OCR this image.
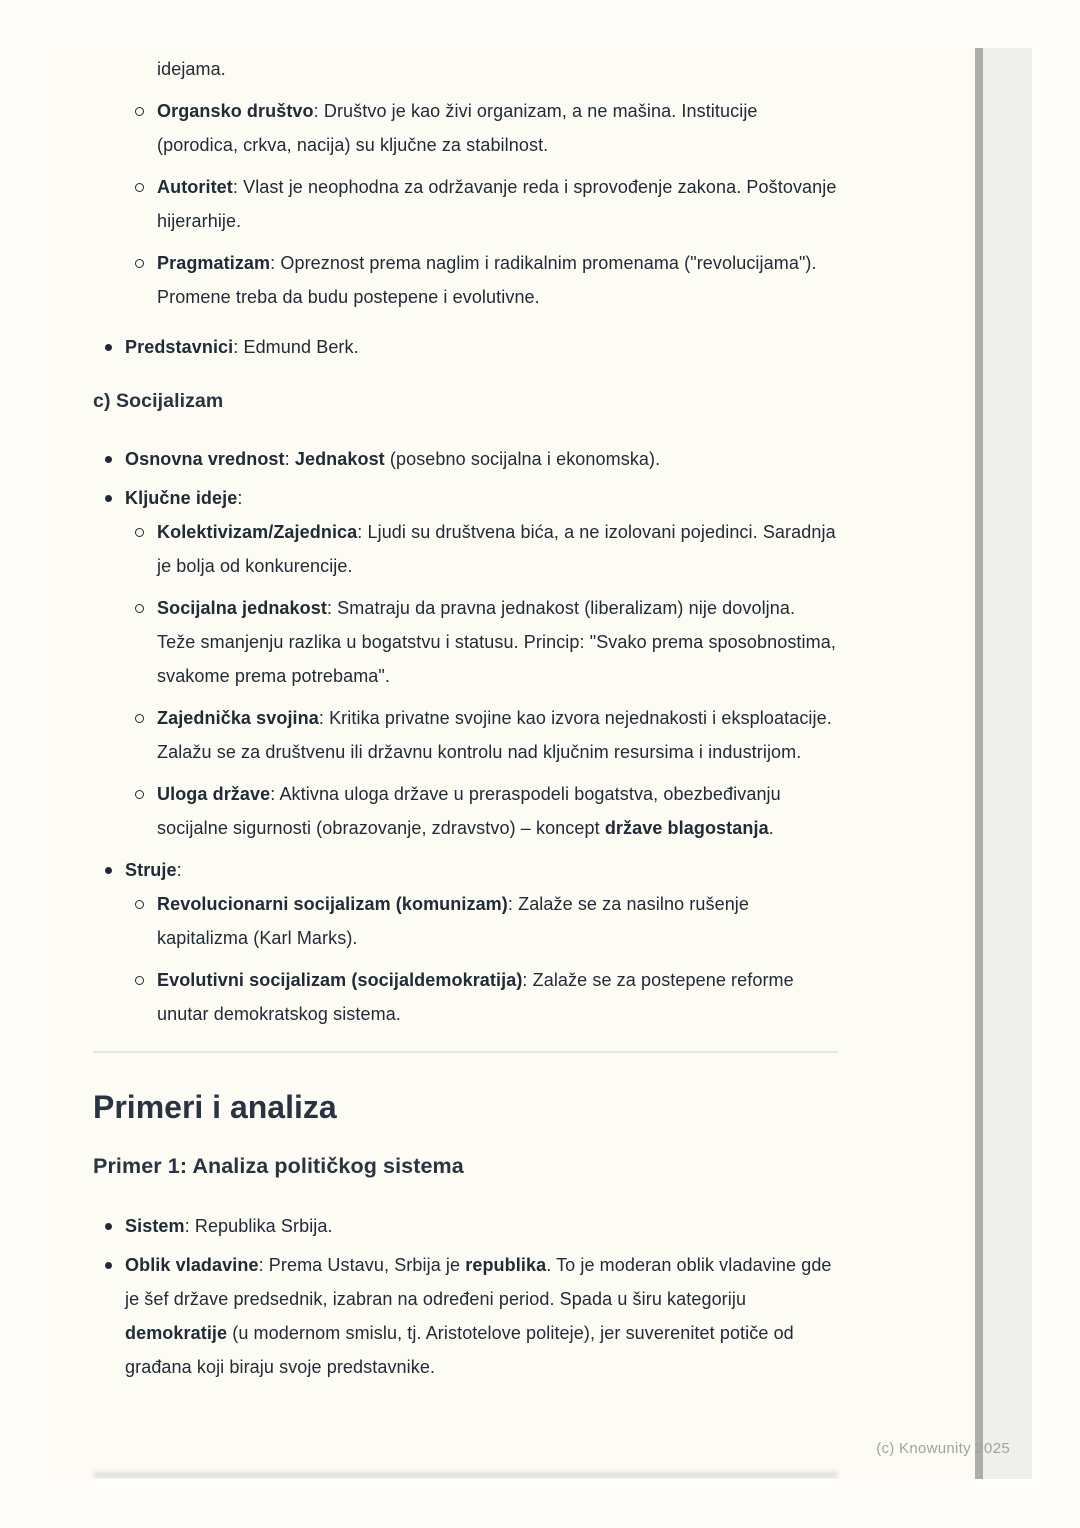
idejama.

Organsko društvo: Društvo je kao živi organizam, a ne mašina. Institucije (porodica, crkva, nacija) su ključne za stabilnost.
Autoritet: Vlast je neophodna za održavanje reda i sprovođenje zakona. Poštovanje hijerarhije.
Pragmatizam: Opreznost prema naglim i radikalnim promenama ("revolucijama"). Promene treba da budu postepene i evolutivne.
Predstavnici: Edmund Berk.
c) Socijalizam
Osnovna vrednost: Jednakost (posebno socijalna i ekonomska).
Ključne ideje:
Kolektivizam/Zajednica: Ljudi su društvena bića, a ne izolovani pojedinci. Saradnja je bolja od konkurencije.
Socijalna jednakost: Smatraju da pravna jednakost (liberalizam) nije dovoljna. Teže smanjenju razlika u bogatstvu i statusu. Princip: "Svako prema sposobnostima, svakome prema potrebama".
Zajednička svojina: Kritika privatne svojine kao izvora nejednakosti i eksploatacije. Zalažu se za društvenu ili državnu kontrolu nad ključnim resursima i industrijom.
Uloga države: Aktivna uloga države u preraspodeli bogatstva, obezbeđivanju socijalne sigurnosti (obrazovanje, zdravstvo) – koncept države blagostanja.
Struje:
Revolucionarni socijalizam (komunizam): Zalaže se za nasilno rušenje kapitalizma (Karl Marks).
Evolutivni socijalizam (socijaldemokratija): Zalaže se za postepene reforme unutar demokratskog sistema.
Primeri i analiza
Primer 1: Analiza političkog sistema
Sistem: Republika Srbija.
Oblik vladavine: Prema Ustavu, Srbija je republika. To je moderan oblik vladavine gde je šef države predsednik, izabran na određeni period. Spada u širu kategoriju demokratije (u modernom smislu, tj. Aristotelove politeje), jer suverenitet potiče od građana koji biraju svoje predstavnike.
(c) Knowunity 2025
